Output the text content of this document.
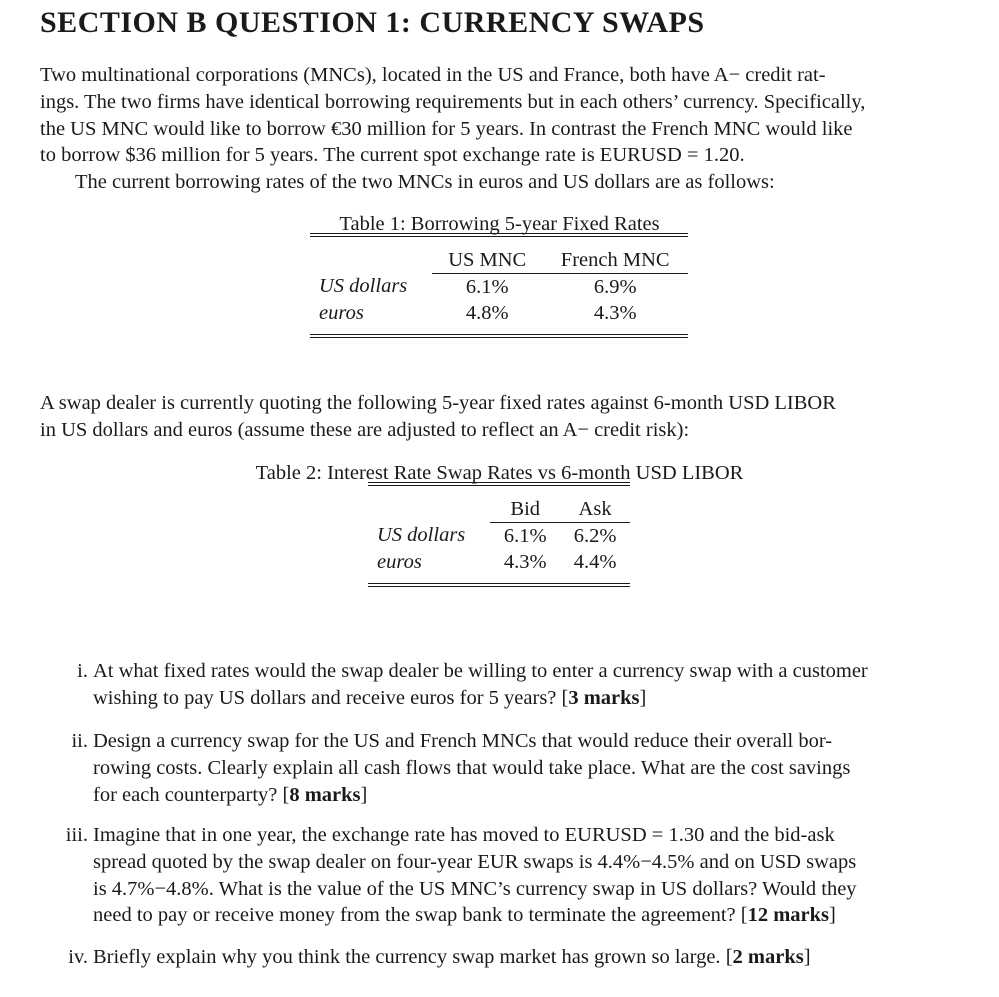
SECTION B QUESTION 1: CURRENCY SWAPS
Two multinational corporations (MNCs), located in the US and France, both have A− credit rat-
ings. The two firms have identical borrowing requirements but in each others’ currency. Specifically,
the US MNC would like to borrow €30 million for 5 years. In contrast the French MNC would like
to borrow $36 million for 5 years. The current spot exchange rate is EURUSD = 1.20.
The current borrowing rates of the two MNCs in euros and US dollars are as follows:
Table 1: Borrowing 5-year Fixed Rates

	US MNC	French MNC
US dollars	6.1%	6.9%
euros	4.8%	4.3%

A swap dealer is currently quoting the following 5-year fixed rates against 6-month USD LIBOR
in US dollars and euros (assume these are adjusted to reflect an A− credit risk):
Table 2: Interest Rate Swap Rates vs 6-month USD LIBOR

	Bid	Ask
US dollars	6.1%	6.2%
euros	4.3%	4.4%

i. At what fixed rates would the swap dealer be willing to enter a currency swap with a customer
wishing to pay US dollars and receive euros for 5 years? [3 marks]
ii. Design a currency swap for the US and French MNCs that would reduce their overall bor-
rowing costs. Clearly explain all cash flows that would take place. What are the cost savings
for each counterparty? [8 marks]
iii. Imagine that in one year, the exchange rate has moved to EURUSD = 1.30 and the bid-ask
spread quoted by the swap dealer on four-year EUR swaps is 4.4%−4.5% and on USD swaps
is 4.7%−4.8%. What is the value of the US MNC’s currency swap in US dollars? Would they
need to pay or receive money from the swap bank to terminate the agreement? [12 marks]
iv. Briefly explain why you think the currency swap market has grown so large. [2 marks]
